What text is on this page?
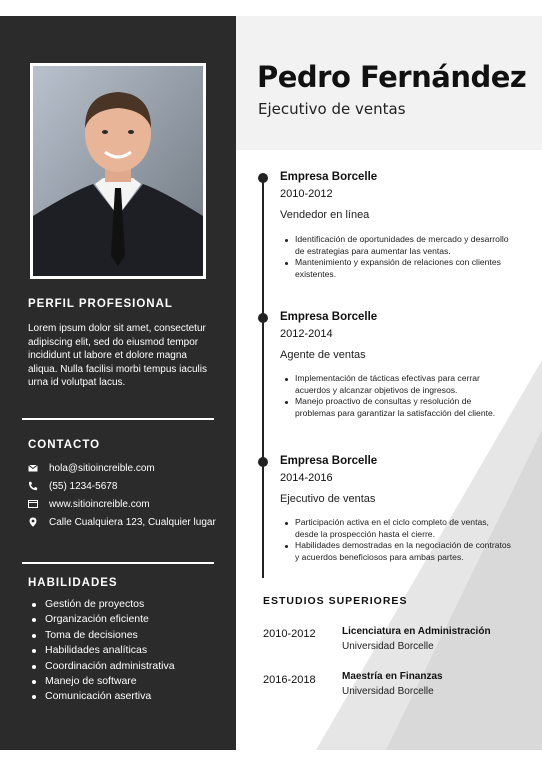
PERFIL PROFESIONAL
Lorem ipsum dolor sit amet, consectetur adipiscing elit, sed do eiusmod tempor incididunt ut labore et dolore magna aliqua. Nulla facilisi morbi tempus iaculis urna id volutpat lacus.
CONTACTO
hola@sitioincreible.com
(55) 1234-5678
www.sitioincreible.com
Calle Cualquiera 123, Cualquier lugar
HABILIDADES
Gestión de proyectos
Organización eficiente
Toma de decisiones
Habilidades analíticas
Coordinación administrativa
Manejo de software
Comunicación asertiva
Pedro Fernández
Ejecutivo de ventas
Empresa Borcelle
2010-2012
Vendedor en línea
Identificación de oportunidades de mercado y desarrollo de estrategias para aumentar las ventas.
Mantenimiento y expansión de relaciones con clientes existentes.
Empresa Borcelle
2012-2014
Agente de ventas
Implementación de tácticas efectivas para cerrar acuerdos y alcanzar objetivos de ingresos.
Manejo proactivo de consultas y resolución de problemas para garantizar la satisfacción del cliente.
Empresa Borcelle
2014-2016
Ejecutivo de ventas
Participación activa en el ciclo completo de ventas, desde la prospección hasta el cierre.
Habilidades demostradas en la negociación de contratos y acuerdos beneficiosos para ambas partes.
ESTUDIOS SUPERIORES
2010-2012	Licenciatura en Administración
Universidad Borcelle
2016-2018	Maestría en Finanzas
Universidad Borcelle
